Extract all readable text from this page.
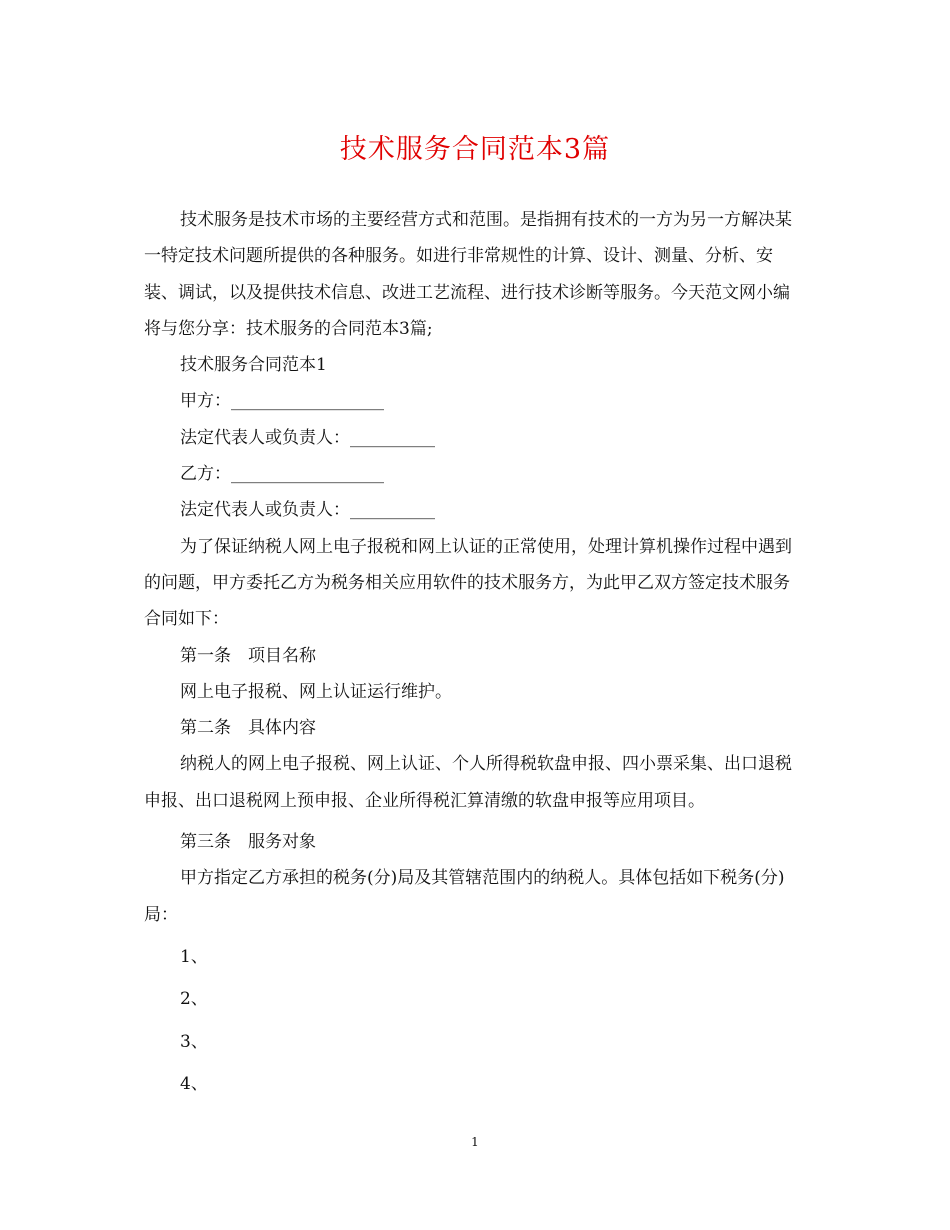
技术服务合同范本3篇

技术服务是技术市场的主要经营方式和范围。是指拥有技术的一方为另一方解决某一特定技术问题所提供的各种服务。如进行非常规性的计算、设计、测量、分析、安装、调试，以及提供技术信息、改进工艺流程、进行技术诊断等服务。今天范文网小编将与您分享：技术服务的合同范本3篇;

技术服务合同范本1

甲方：__________________

法定代表人或负责人：__________

乙方：__________________

法定代表人或负责人：__________

为了保证纳税人网上电子报税和网上认证的正常使用，处理计算机操作过程中遇到的问题，甲方委托乙方为税务相关应用软件的技术服务方，为此甲乙双方签定技术服务合同如下：

第一条　项目名称

网上电子报税、网上认证运行维护。

第二条　具体内容

纳税人的网上电子报税、网上认证、个人所得税软盘申报、四小票采集、出口退税申报、出口退税网上预申报、企业所得税汇算清缴的软盘申报等应用项目。

第三条　服务对象

甲方指定乙方承担的税务(分)局及其管辖范围内的纳税人。具体包括如下税务(分)局：

1、

2、

3、

4、

1
